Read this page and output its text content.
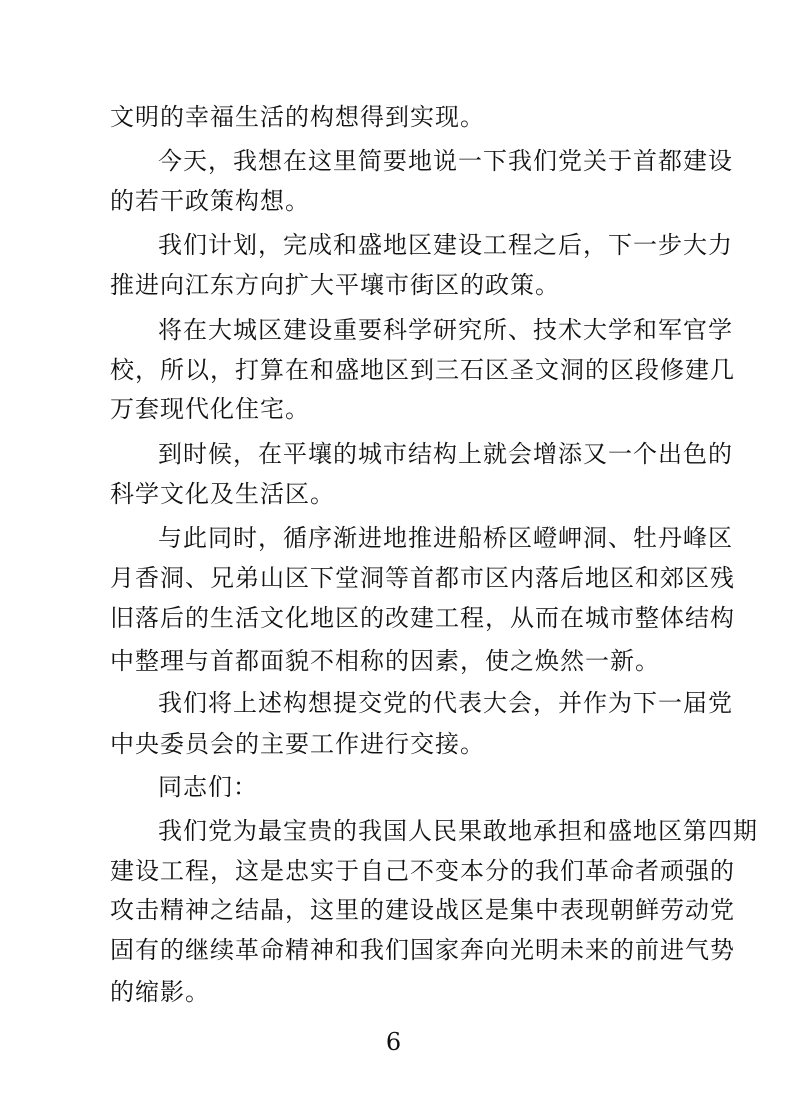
文明的幸福生活的构想得到实现。
今天，我想在这里简要地说一下我们党关于首都建设
的若干政策构想。
我们计划，完成和盛地区建设工程之后，下一步大力
推进向江东方向扩大平壤市街区的政策。
将在大城区建设重要科学研究所、技术大学和军官学
校，所以，打算在和盛地区到三石区圣文洞的区段修建几
万套现代化住宅。
到时候，在平壤的城市结构上就会增添又一个出色的
科学文化及生活区。
与此同时，循序渐进地推进船桥区嶝岬洞、牡丹峰区
月香洞、兄弟山区下堂洞等首都市区内落后地区和郊区残
旧落后的生活文化地区的改建工程，从而在城市整体结构
中整理与首都面貌不相称的因素，使之焕然一新。
我们将上述构想提交党的代表大会，并作为下一届党
中央委员会的主要工作进行交接。
同志们：
我们党为最宝贵的我国人民果敢地承担和盛地区第四期
建设工程，这是忠实于自己不变本分的我们革命者顽强的
攻击精神之结晶，这里的建设战区是集中表现朝鲜劳动党
固有的继续革命精神和我们国家奔向光明未来的前进气势
的缩影。
6
